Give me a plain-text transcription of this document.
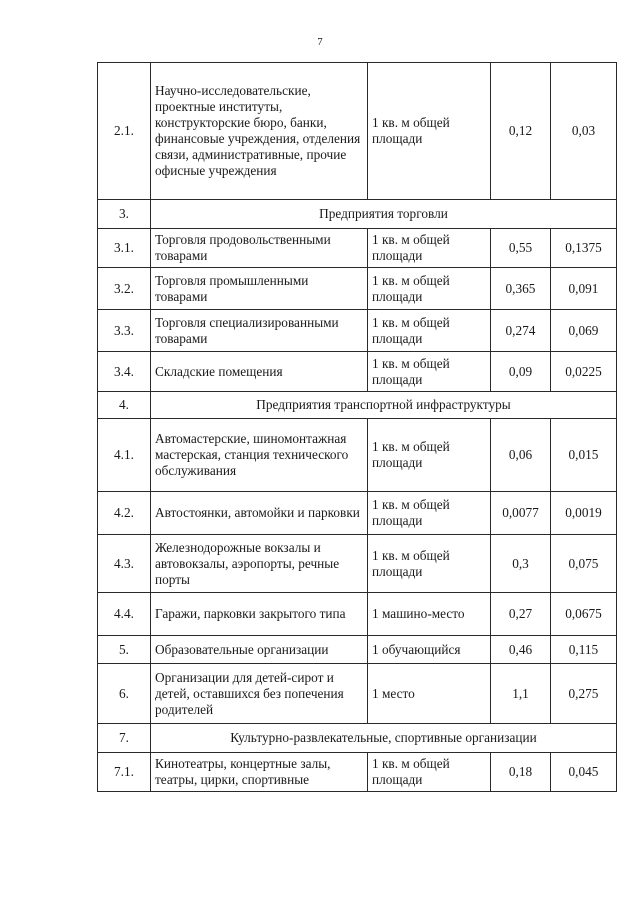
7
2.1.	Научно-исследовательские, проектные институты, конструкторские бюро, банки, финансовые учреждения, отделения связи, административные, прочие офисные учреждения	1 кв. м общей площади	0,12	0,03
3.	Предприятия торговли			
3.1.	Торговля продовольственными товарами	1 кв. м общей площади	0,55	0,1375
3.2.	Торговля промышленными товарами	1 кв. м общей площади	0,365	0,091
3.3.	Торговля специализированными товарами	1 кв. м общей площади	0,274	0,069
3.4.	Складские помещения	1 кв. м общей площади	0,09	0,0225
4.	Предприятия транспортной инфраструктуры			
4.1.	Автомастерские, шиномонтажная мастерская, станция технического обслуживания	1 кв. м общей площади	0,06	0,015
4.2.	Автостоянки, автомойки и парковки	1 кв. м общей площади	0,0077	0,0019
4.3.	Железнодорожные вокзалы и автовокзалы, аэропорты, речные порты	1 кв. м общей площади	0,3	0,075
4.4.	Гаражи, парковки закрытого типа	1 машино-место	0,27	0,0675
5.	Образовательные организации	1 обучающийся	0,46	0,115
6.	Организации для детей-сирот и детей, оставшихся без попечения родителей	1 место	1,1	0,275
7.	Культурно-развлекательные, спортивные организации			
7.1.	Кинотеатры, концертные залы, театры, цирки, спортивные	1 кв. м общей площади	0,18	0,045
